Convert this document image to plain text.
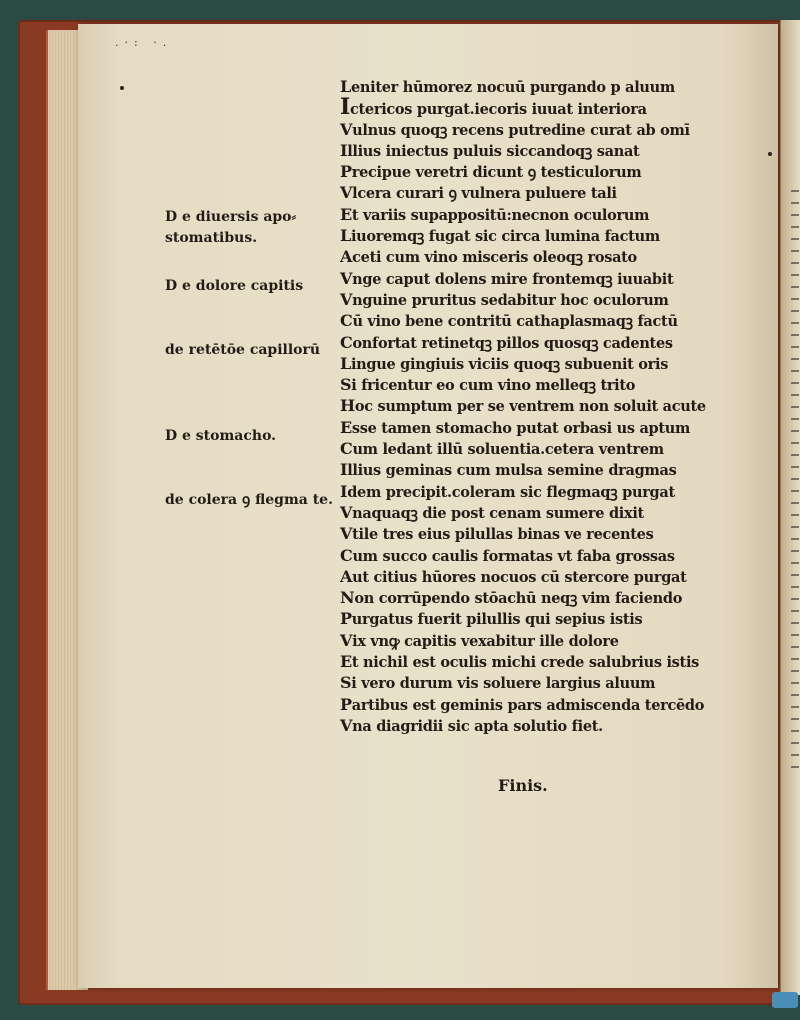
.·: ·.
D e diuersis apo⸗ stomatibus.
D e dolore capitis
de retētōe capillorū
D e stomacho.
de colera ꝯ flegma te.
Leniter hūmorez nocuū purgando p aluum
Ictericos purgat.iecoris iuuat interiora
Vulnus quoqꝫ recens putredine curat ab omī
Illius iniectus puluis siccandoqꝫ sanat
Precipue veretri dicunt ꝯ testiculorum
Vlcera curari ꝯ vulnera puluere tali
Et variis supappositū:necnon oculorum
Liuoremqꝫ fugat sic circa lumina factum
Aceti cum vino misceris oleoqꝫ rosato
Vnge caput dolens mire frontemqꝫ iuuabit
Vnguine pruritus sedabitur hoc oculorum
Cū vino bene contritū cathaplasmaqꝫ factū
Confortat retinetqꝫ pillos quosqꝫ cadentes
Lingue gingiuis viciis quoqꝫ subuenit oris
Si fricentur eo cum vino melleqꝫ trito
Hoc sumptum per se ventrem non soluit acute
Esse tamen stomacho putat orbasi us aptum
Cum ledant illū soluentia.cetera ventrem
Illius geminas cum mulsa semine dragmas
Idem precipit.coleram sic flegmaqꝫ purgat
Vnaquaqꝫ die post cenam sumere dixit
Vtile tres eius pilullas binas ve recentes
Cum succo caulis formatas vt faba grossas
Aut citius hūores nocuos cū stercore purgat
Non corrūpendo stōachū neqꝫ vim faciendo
Purgatus fuerit pilullis qui sepius istis
Vix vnꝙ capitis vexabitur ille dolore
Et nichil est oculis michi crede salubrius istis
Si vero durum vis soluere largius aluum
Partibus est geminis pars admiscenda tercēdo
Vna diagridii sic apta solutio fiet.
Finis.
